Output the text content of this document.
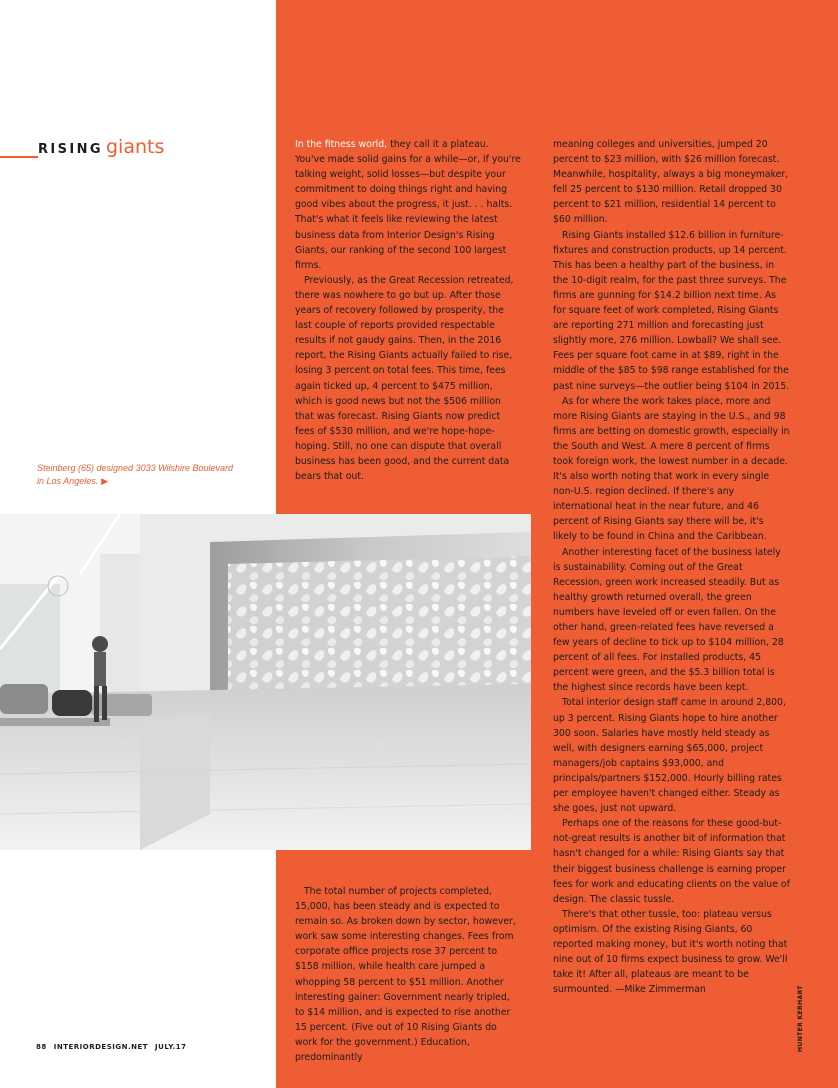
RISING giants
Steinberg (65) designed 3033 Wilshire Boulevard in Los Angeles. ▶

In the fitness world, they call it a plateau. You've made solid gains for a while—or, if you're talking weight, solid losses—but despite your commitment to doing things right and having good vibes about the progress, it just. . . halts. That's what it feels like reviewing the latest business data from Interior Design's Rising Giants, our ranking of the second 100 largest firms.

Previously, as the Great Recession retreated, there was nowhere to go but up. After those years of recovery followed by prosperity, the last couple of reports provided respectable results if not gaudy gains. Then, in the 2016 report, the Rising Giants actually failed to rise, losing 3 percent on total fees. This time, fees again ticked up, 4 percent to $475 million, which is good news but not the $506 million that was forecast. Rising Giants now predict fees of $530 million, and we're hope-hope-hoping. Still, no one can dispute that overall business has been good, and the current data bears that out.

The total number of projects completed, 15,000, has been steady and is expected to remain so. As broken down by sector, however, work saw some interesting changes. Fees from corporate office projects rose 37 percent to $158 million, while health care jumped a whopping 58 percent to $51 million. Another interesting gainer: Government nearly tripled, to $14 million, and is expected to rise another 15 percent. (Five out of 10 Rising Giants do work for the government.) Education, predominantly

meaning colleges and universities, jumped 20 percent to $23 million, with $26 million forecast. Meanwhile, hospitality, always a big moneymaker, fell 25 percent to $130 million. Retail dropped 30 percent to $21 million, residential 14 percent to $60 million.

Rising Giants installed $12.6 billion in furniture-fixtures and construction products, up 14 percent. This has been a healthy part of the business, in the 10-digit realm, for the past three surveys. The firms are gunning for $14.2 billion next time. As for square feet of work completed, Rising Giants are reporting 271 million and forecasting just slightly more, 276 million. Lowball? We shall see. Fees per square foot came in at $89, right in the middle of the $85 to $98 range established for the past nine surveys—the outlier being $104 in 2015.

As for where the work takes place, more and more Rising Giants are staying in the U.S., and 98 firms are betting on domestic growth, especially in the South and West. A mere 8 percent of firms took foreign work, the lowest number in a decade. It's also worth noting that work in every single non-U.S. region declined. If there's any international heat in the near future, and 46 percent of Rising Giants say there will be, it's likely to be found in China and the Caribbean.

Another interesting facet of the business lately is sustainability. Coming out of the Great Recession, green work increased steadily. But as healthy growth returned overall, the green numbers have leveled off or even fallen. On the other hand, green-related fees have reversed a few years of decline to tick up to $104 million, 28 percent of all fees. For installed products, 45 percent were green, and the $5.3 billion total is the highest since records have been kept.

Total interior design staff came in around 2,800, up 3 percent. Rising Giants hope to hire another 300 soon. Salaries have mostly held steady as well, with designers earning $65,000, project managers/job captains $93,000, and principals/partners $152,000. Hourly billing rates per employee haven't changed either. Steady as she goes, just not upward.

Perhaps one of the reasons for these good-but-not-great results is another bit of information that hasn't changed for a while: Rising Giants say that their biggest business challenge is earning proper fees for work and educating clients on the value of design. The classic tussle.

There's that other tussle, too: plateau versus optimism. Of the existing Rising Giants, 60 reported making money, but it's worth noting that nine out of 10 firms expect business to grow. We'll take it! After all, plateaus are meant to be surmounted. —Mike Zimmerman	HUNTER KERHART
88 INTERIORDESIGN.NET JULY.17
